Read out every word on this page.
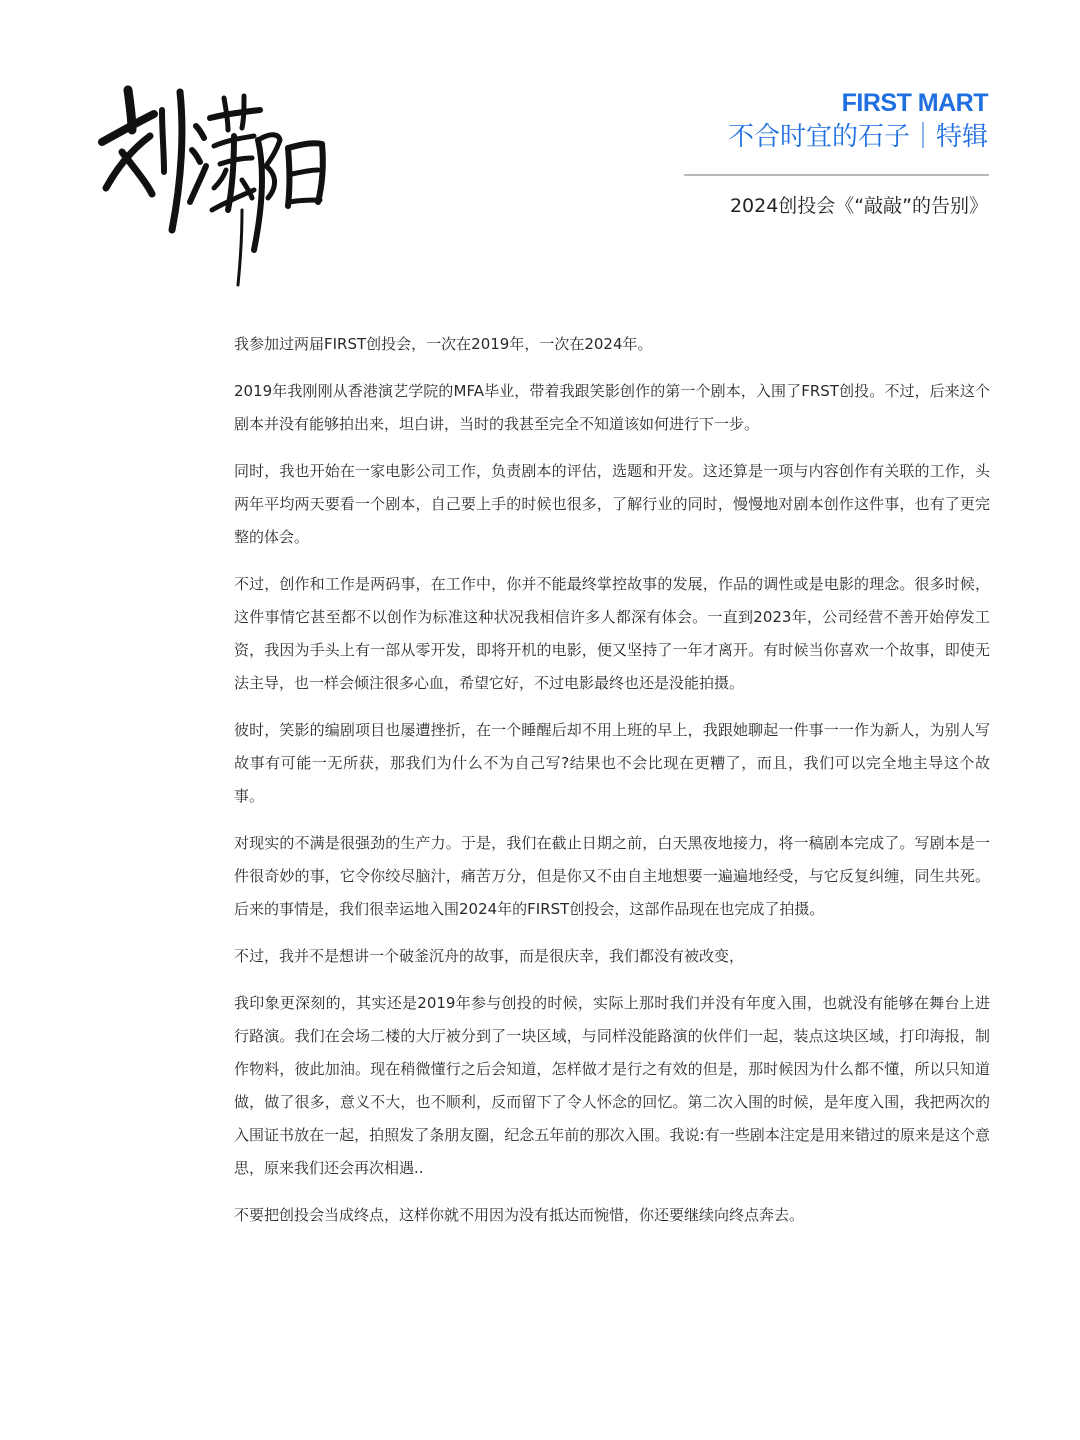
FIRST MART

不合时宜的石子｜特辑

2024创投会《“敲敲”的告别》

我参加过两届FIRST创投会，一次在2019年，一次在2024年。

2019年我刚刚从香港演艺学院的MFA毕业，带着我跟笑影创作的第一个剧本，入围了FRST创投。不过，后来这个剧本并没有能够拍出来，坦白讲，当时的我甚至完全不知道该如何进行下一步。

同时，我也开始在一家电影公司工作，负责剧本的评估，选题和开发。这还算是一项与内容创作有关联的工作，头两年平均两天要看一个剧本，自己要上手的时候也很多，了解行业的同时，慢慢地对剧本创作这件事，也有了更完整的体会。

不过，创作和工作是两码事，在工作中，你并不能最终掌控故事的发展，作品的调性或是电影的理念。很多时候，这件事情它甚至都不以创作为标准这种状况我相信许多人都深有体会。一直到2023年，公司经营不善开始停发工资，我因为手头上有一部从零开发，即将开机的电影，便又坚持了一年才离开。有时候当你喜欢一个故事，即使无法主导，也一样会倾注很多心血，希望它好，不过电影最终也还是没能拍摄。

彼时，笑影的编剧项目也屡遭挫折，在一个睡醒后却不用上班的早上，我跟她聊起一件事一一作为新人，为别人写故事有可能一无所获，那我们为什么不为自己写?结果也不会比现在更糟了，而且，我们可以完全地主导这个故事。

对现实的不满是很强劲的生产力。于是，我们在截止日期之前，白天黑夜地接力，将一稿剧本完成了。写剧本是一件很奇妙的事，它令你绞尽脑汁，痛苦万分，但是你又不由自主地想要一遍遍地经受，与它反复纠缠，同生共死。后来的事情是，我们很幸运地入围2024年的FIRST创投会，这部作品现在也完成了拍摄。

不过，我并不是想讲一个破釜沉舟的故事，而是很庆幸，我们都没有被改变，

我印象更深刻的，其实还是2019年参与创投的时候，实际上那时我们并没有年度入围，也就没有能够在舞台上进行路演。我们在会场二楼的大厅被分到了一块区域，与同样没能路演的伙伴们一起，装点这块区域，打印海报，制作物料，彼此加油。现在稍微懂行之后会知道，怎样做才是行之有效的但是，那时候因为什么都不懂，所以只知道做，做了很多，意义不大，也不顺利，反而留下了令人怀念的回忆。第二次入围的时候，是年度入围，我把两次的入围证书放在一起，拍照发了条朋友圈，纪念五年前的那次入围。我说:有一些剧本注定是用来错过的原来是这个意思，原来我们还会再次相遇..

不要把创投会当成终点，这样你就不用因为没有抵达而惋惜，你还要继续向终点奔去。
